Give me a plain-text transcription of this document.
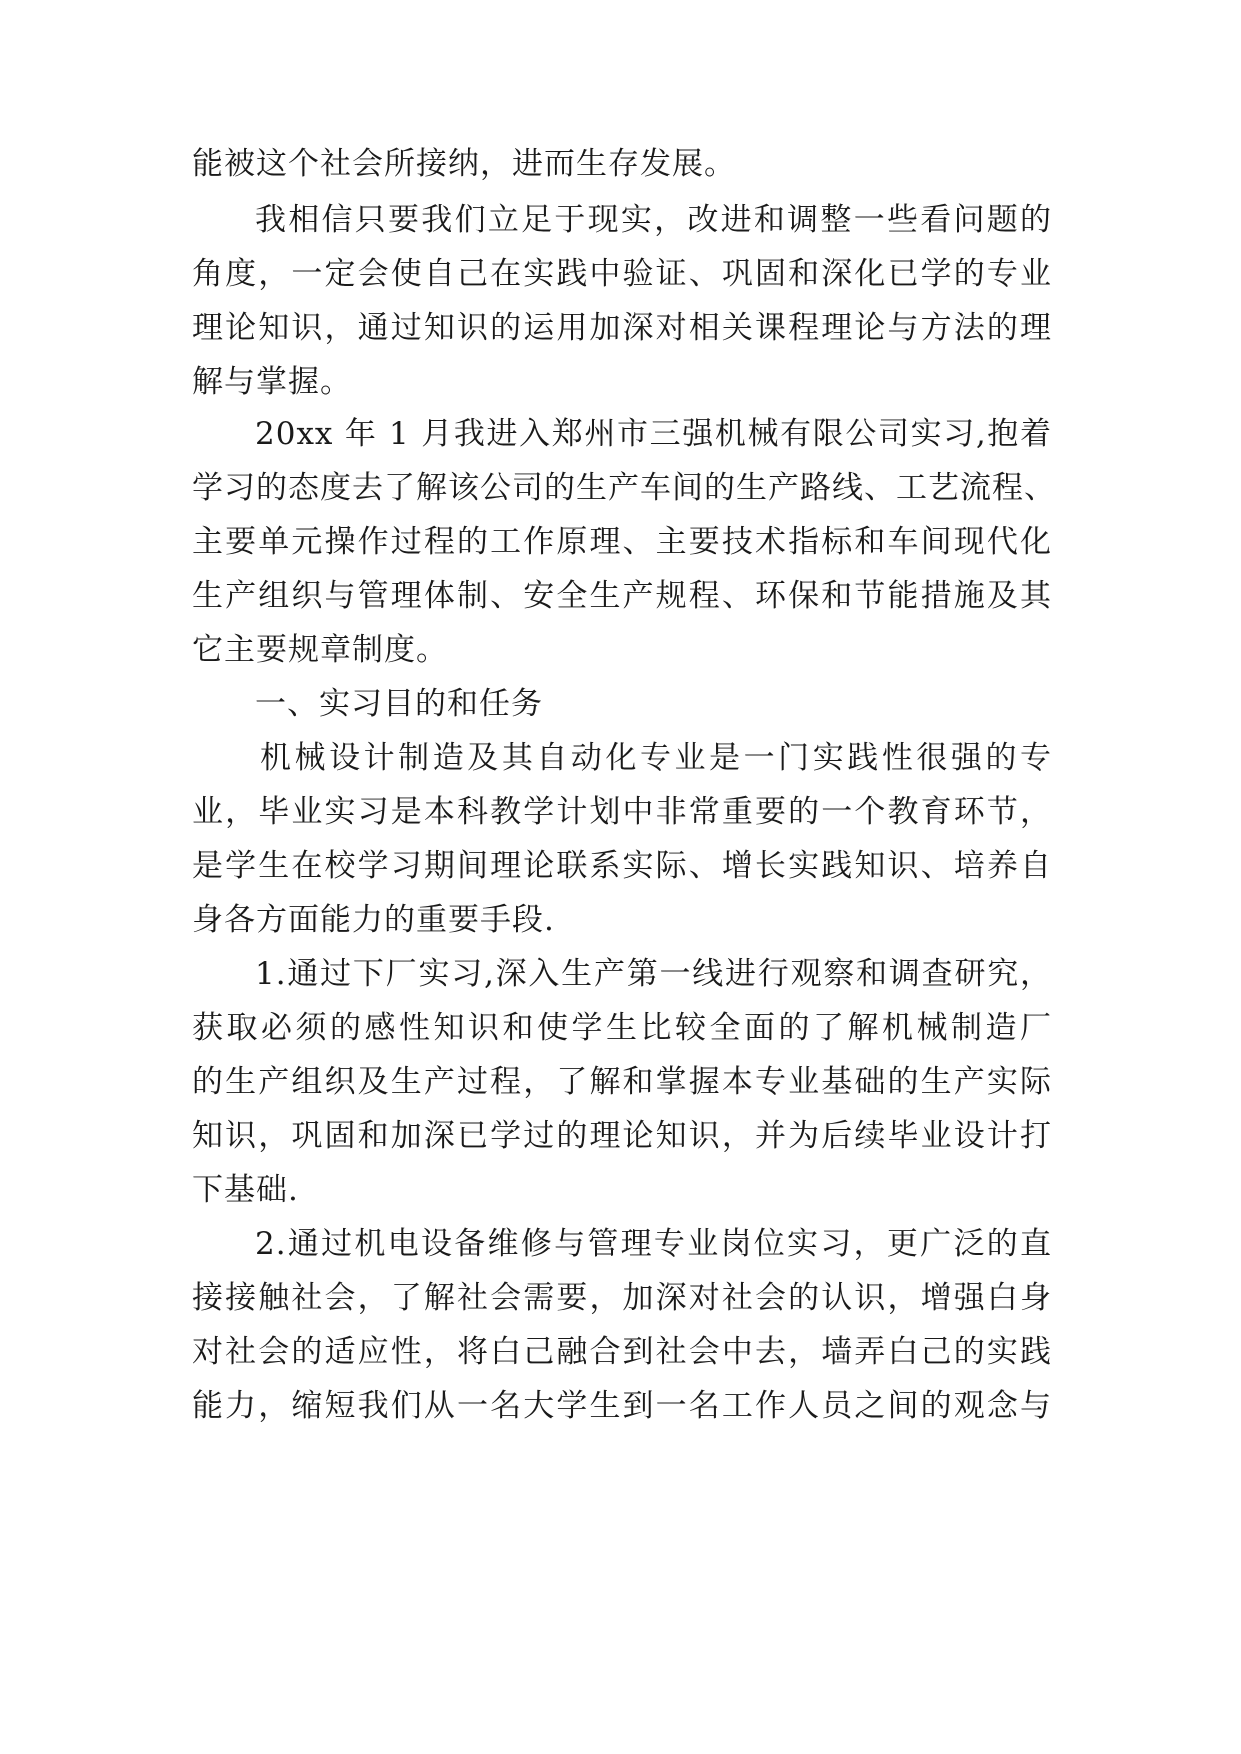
能被这个社会所接纳，进而生存发展。
我相信只要我们立足于现实，改进和调整一些看问题的
角度，一定会使自己在实践中验证、巩固和深化已学的专业
理论知识，通过知识的运用加深对相关课程理论与方法的理
解与掌握。
20xx 年 1 月我进入郑州市三强机械有限公司实习,抱着
学习的态度去了解该公司的生产车间的生产路线、工艺流程、
主要单元操作过程的工作原理、主要技术指标和车间现代化
生产组织与管理体制、安全生产规程、环保和节能措施及其
它主要规章制度。
一、实习目的和任务
机械设计制造及其自动化专业是一门实践性很强的专
业，毕业实习是本科教学计划中非常重要的一个教育环节，
是学生在校学习期间理论联系实际、增长实践知识、培养自
身各方面能力的重要手段.
1.通过下厂实习,深入生产第一线进行观察和调查研究，
获取必须的感性知识和使学生比较全面的了解机械制造厂
的生产组织及生产过程，了解和掌握本专业基础的生产实际
知识，巩固和加深已学过的理论知识，并为后续毕业设计打
下基础.
2.通过机电设备维修与管理专业岗位实习，更广泛的直
接接触社会，了解社会需要，加深对社会的认识，增强白身
对社会的适应性，将白己融合到社会中去，墙弄白己的实践
能力，缩短我们从一名大学生到一名工作人员之间的观念与
